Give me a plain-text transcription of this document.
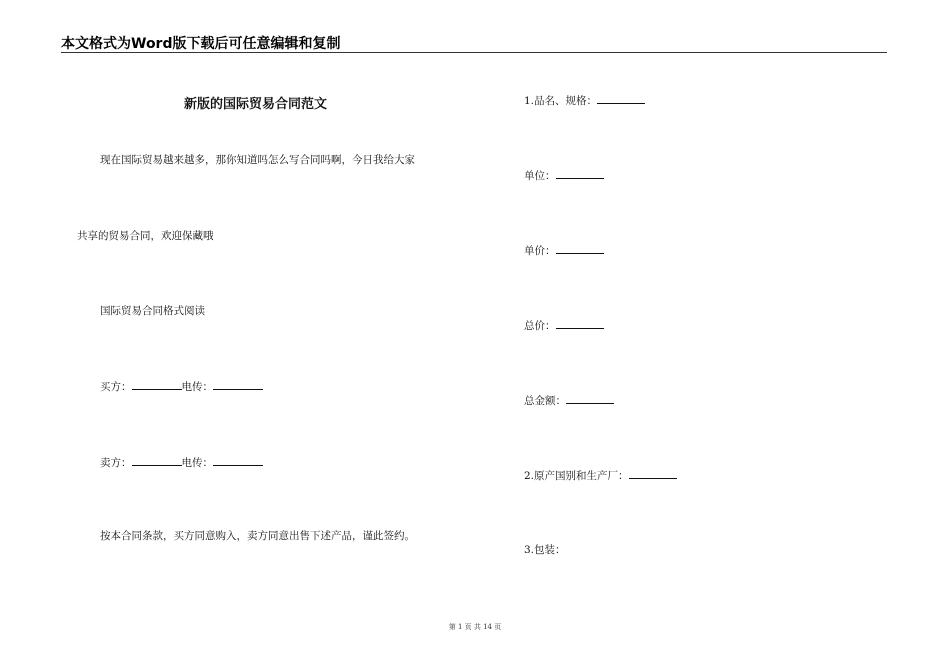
本文格式为Word版下载后可任意编辑和复制
新版的国际贸易合同范文
现在国际贸易越来越多，那你知道吗怎么写合同吗啊，今日我给大家
共享的贸易合同，欢迎保藏哦
国际贸易合同格式阅读
买方：	电传：
卖方：	电传：
按本合同条款，买方同意购入，卖方同意出售下述产品，谨此签约。
1.品名、规格：
单位：
单价：
总价：
总金额：
2.原产国别和生产厂：
3.包装：
第 1 页 共 14 页
